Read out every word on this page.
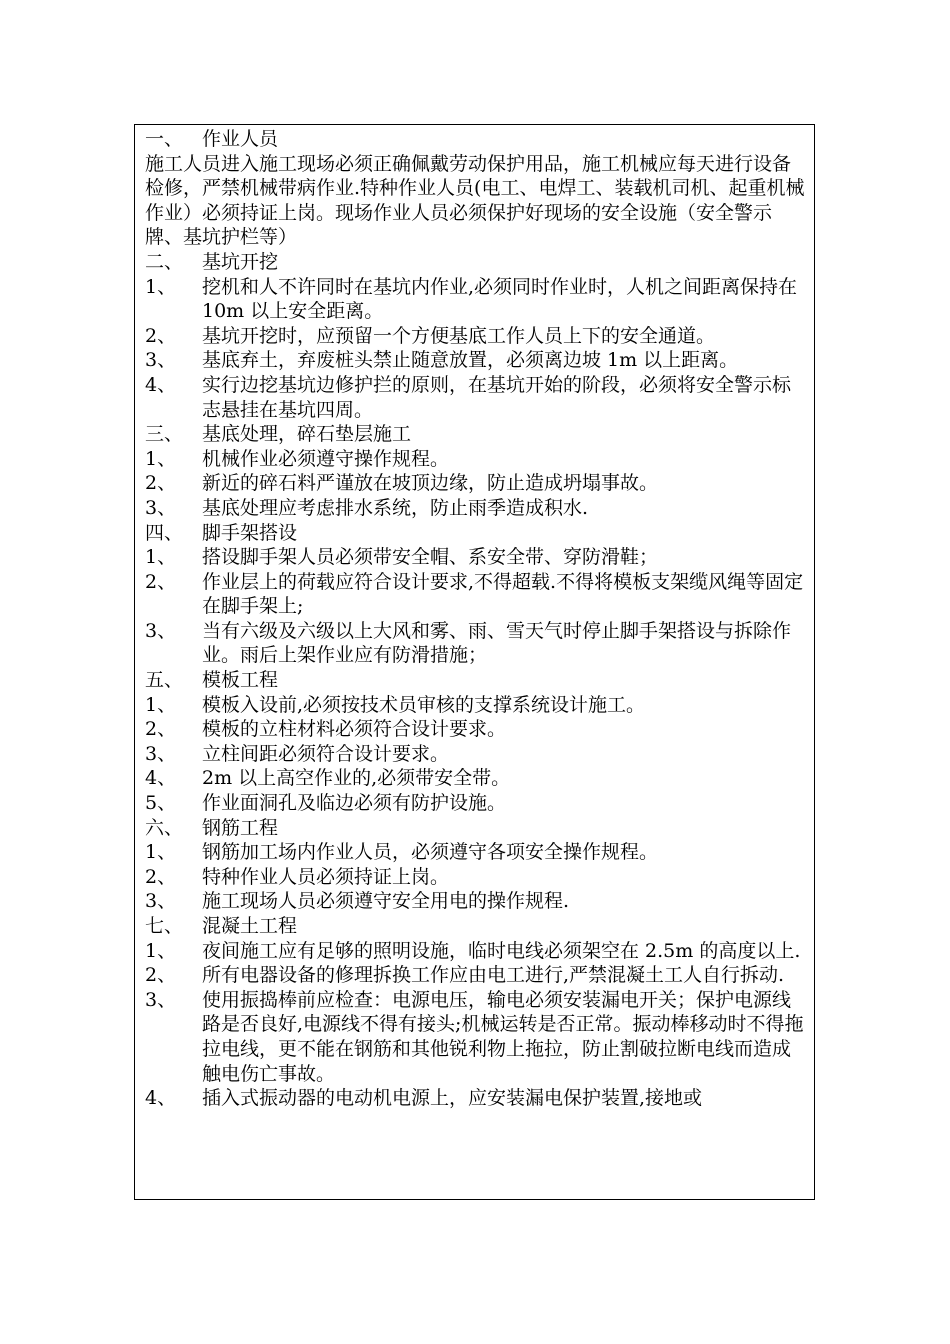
一、 作业人员

施工人员进入施工现场必须正确佩戴劳动保护用品，施工机械应每天进行设备检修，严禁机械带病作业.特种作业人员(电工、电焊工、装载机司机、起重机械作业）必须持证上岗。现场作业人员必须保护好现场的安全设施（安全警示牌、基坑护栏等）

二、 基坑开挖
1、	挖机和人不许同时在基坑内作业,必须同时作业时，人机之间距离保持在 10m 以上安全距离。
2、	基坑开挖时，应预留一个方便基底工作人员上下的安全通道。
3、	基底弃土，弃废桩头禁止随意放置，必须离边坡 1m 以上距离。
4、	实行边挖基坑边修护拦的原则，在基坑开始的阶段，必须将安全警示标志悬挂在基坑四周。
三、 基底处理，碎石垫层施工
1、	机械作业必须遵守操作规程。
2、	新近的碎石料严谨放在坡顶边缘，防止造成坍塌事故。
3、	基底处理应考虑排水系统，防止雨季造成积水.
四、 脚手架搭设
1、	搭设脚手架人员必须带安全帽、系安全带、穿防滑鞋；
2、	作业层上的荷载应符合设计要求,不得超载.不得将模板支架缆风绳等固定在脚手架上;
3、	当有六级及六级以上大风和雾、雨、雪天气时停止脚手架搭设与拆除作业。雨后上架作业应有防滑措施；
五、 模板工程
1、	模板入设前,必须按技术员审核的支撑系统设计施工。
2、	模板的立柱材料必须符合设计要求。
3、	立柱间距必须符合设计要求。
4、	2m 以上高空作业的,必须带安全带。
5、	作业面洞孔及临边必须有防护设施。
六、 钢筋工程
1、	钢筋加工场内作业人员，必须遵守各项安全操作规程。
2、	特种作业人员必须持证上岗。
3、	施工现场人员必须遵守安全用电的操作规程.
七、 混凝土工程
1、	夜间施工应有足够的照明设施，临时电线必须架空在 2.5m 的高度以上.
2、	所有电器设备的修理拆换工作应由电工进行,严禁混凝土工人自行拆动.
3、	使用振捣棒前应检查：电源电压，输电必须安装漏电开关；保护电源线路是否良好,电源线不得有接头;机械运转是否正常。振动棒移动时不得拖拉电线，更不能在钢筋和其他锐利物上拖拉，防止割破拉断电线而造成触电伤亡事故。
4、	插入式振动器的电动机电源上，应安装漏电保护装置,接地或
